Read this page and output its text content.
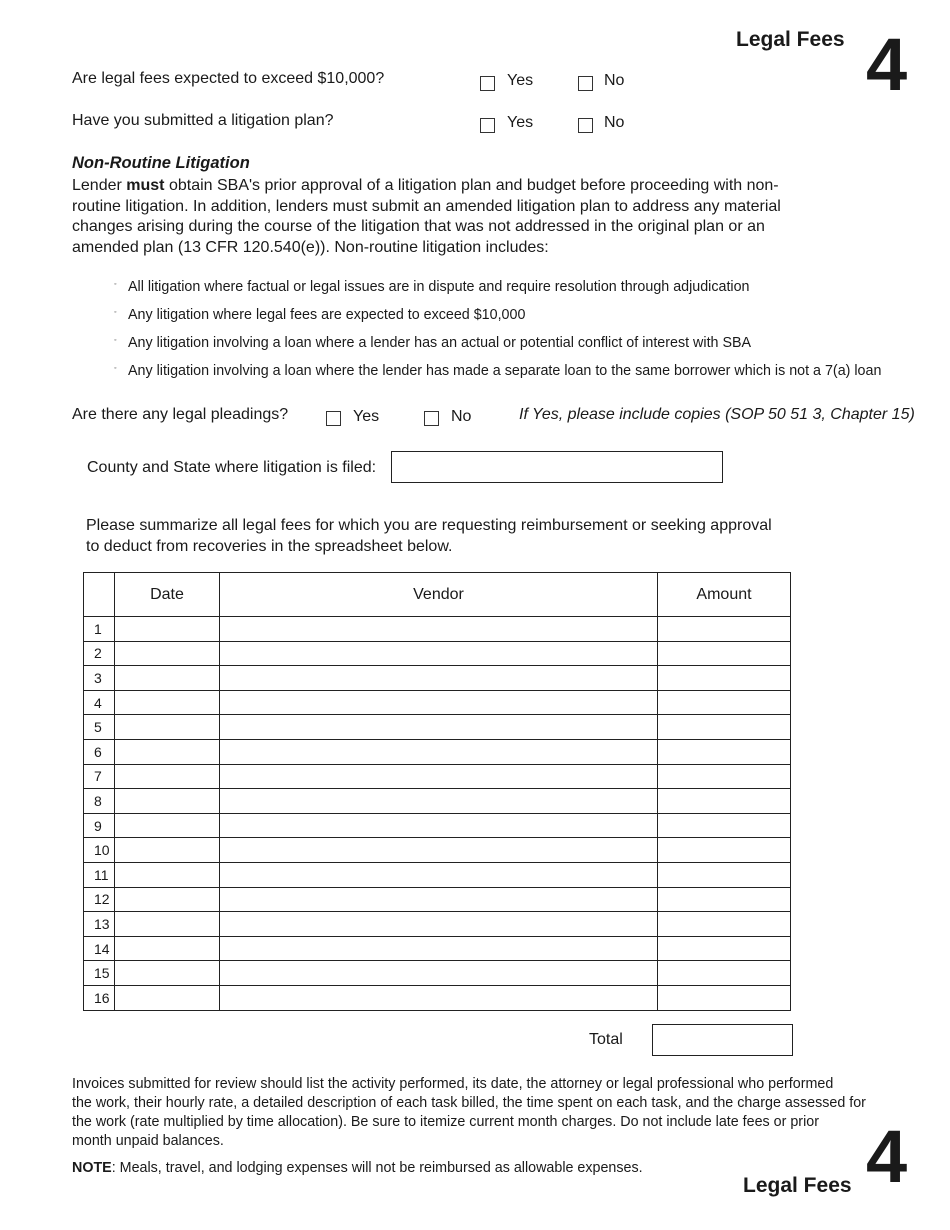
Legal Fees 4
Are legal fees expected to exceed $10,000?	Yes	No
Have you submitted a litigation plan?	Yes	No
Non-Routine Litigation
Lender must obtain SBA's prior approval of a litigation plan and budget before proceeding with non-
routine litigation. In addition, lenders must submit an amended litigation plan to address any material
changes arising during the course of the litigation that was not addressed in the original plan or an
amended plan (13 CFR 120.540(e)). Non-routine litigation includes:
◦ All litigation where factual or legal issues are in dispute and require resolution through adjudication
◦ Any litigation where legal fees are expected to exceed $10,000
◦ Any litigation involving a loan where a lender has an actual or potential conflict of interest with SBA
◦ Any litigation involving a loan where the lender has made a separate loan to the same borrower which is not a 7(a) loan
Are there any legal pleadings?	Yes	No	If Yes, please include copies (SOP 50 51 3, Chapter 15)
County and State where litigation is filed:
Please summarize all legal fees for which you are requesting reimbursement or seeking approval
to deduct from recoveries in the spreadsheet below.
	Date	Vendor	Amount
1			
2			
3			
4			
5			
6			
7			
8			
9			
10			
11			
12			
13			
14			
15			
16			
Total
Invoices submitted for review should list the activity performed, its date, the attorney or legal professional who performed
the work, their hourly rate, a detailed description of each task billed, the time spent on each task, and the charge assessed for
the work (rate multiplied by time allocation). Be sure to itemize current month charges. Do not include late fees or prior
month unpaid balances.
NOTE: Meals, travel, and lodging expenses will not be reimbursed as allowable expenses.	4
Legal Fees
